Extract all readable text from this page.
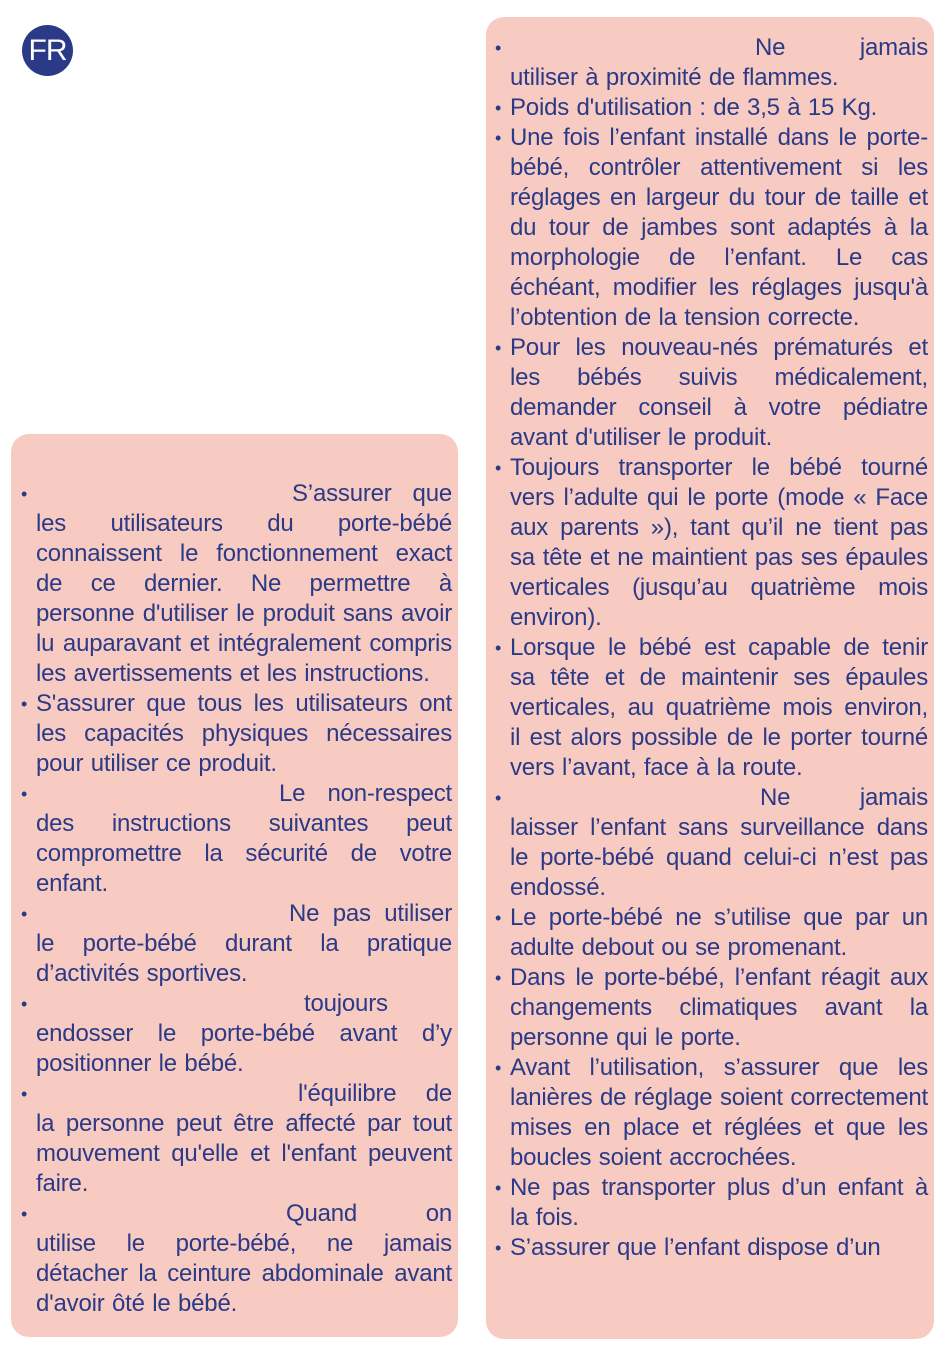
FR
• S’assurer que les utilisateurs du porte-bébé connaissent le fonctionnement exact de ce dernier. Ne permettre à personne d'utiliser le produit sans avoir lu auparavant et intégralement compris les avertissements et les instructions.
• S'assurer que tous les utilisateurs ont les capacités physiques nécessaires pour utiliser ce produit.
• Le non-respect des instructions suivantes peut compromettre la sécurité de votre enfant.
• Ne pas utiliser le porte-bébé durant la pratique d’activités sportives.
• toujours endosser le porte-bébé avant d’y positionner le bébé.
• l'équilibre de la personne peut être affecté par tout mouvement qu'elle et l'enfant peuvent faire.
• Quand on utilise le porte-bébé, ne jamais détacher la ceinture abdominale avant d'avoir ôté le bébé.
• Ne jamais utiliser à proximité de flammes.
• Poids d'utilisation : de 3,5 à 15 Kg.
• Une fois l’enfant installé dans le porte-bébé, contrôler attentivement si les réglages en largeur du tour de taille et du tour de jambes sont adaptés à la morphologie de l’enfant. Le cas échéant, modifier les réglages jusqu'à l’obtention de la tension correcte.
• Pour les nouveau-nés prématurés et les bébés suivis médicalement, demander conseil à votre pédiatre avant d'utiliser le produit.
• Toujours transporter le bébé tourné vers l’adulte qui le porte (mode « Face aux parents »), tant qu’il ne tient pas sa tête et ne maintient pas ses épaules verticales (jusqu’au quatrième mois environ).
• Lorsque le bébé est capable de tenir sa tête et de maintenir ses épaules verticales, au quatrième mois environ, il est alors possible de le porter tourné vers l’avant, face à la route.
• Ne jamais laisser l’enfant sans surveillance dans le porte-bébé quand celui-ci n’est pas endossé.
• Le porte-bébé ne s’utilise que par un adulte debout ou se promenant.
• Dans le porte-bébé, l’enfant réagit aux changements climatiques avant la personne qui le porte.
• Avant l’utilisation, s’assurer que les lanières de réglage soient correctement mises en place et réglées et que les boucles soient accrochées.
• Ne pas transporter plus d’un enfant à la fois.
• S’assurer que l’enfant dispose d’un
